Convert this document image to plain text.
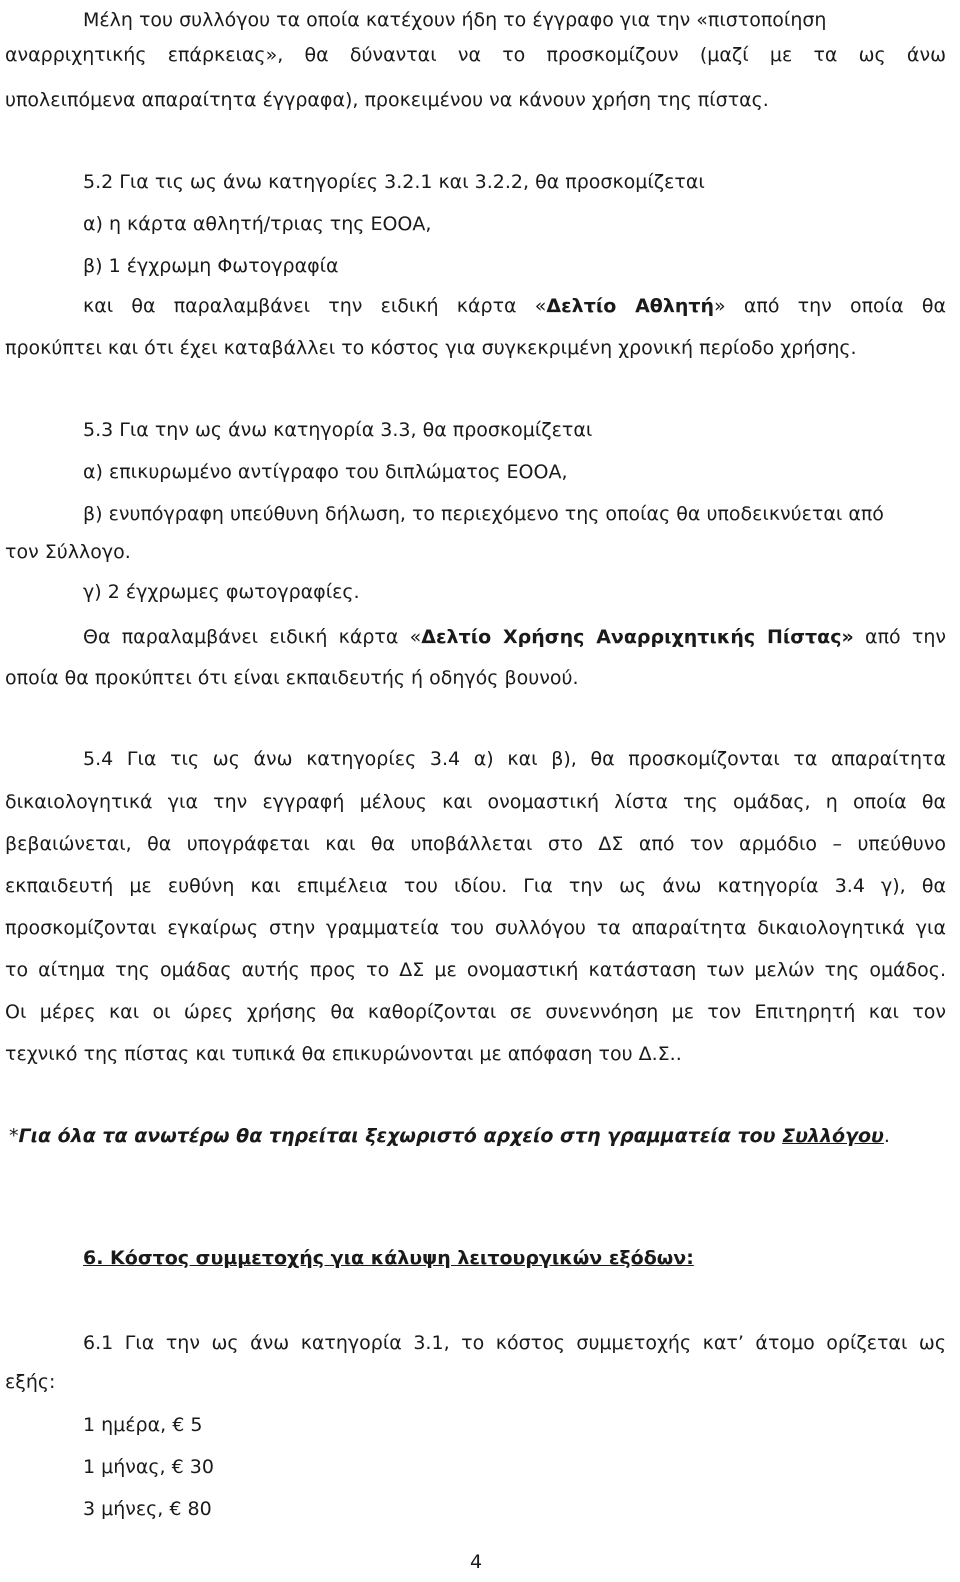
Μέλη του συλλόγου τα οποία κατέχουν ήδη το έγγραφο για την «πιστοποίηση
αναρριχητικής επάρκειας», θα δύνανται να το προσκομίζουν (μαζί με τα ως άνω
υπολειπόμενα απαραίτητα έγγραφα), προκειμένου να κάνουν χρήση της πίστας.
5.2 Για τις ως άνω κατηγορίες 3.2.1 και 3.2.2, θα προσκομίζεται
α) η κάρτα αθλητή/τριας της ΕΟΟΑ,
β) 1 έγχρωμη Φωτογραφία
και θα παραλαμβάνει την ειδική κάρτα «Δελτίο Αθλητή» από την οποία θα
προκύπτει και ότι έχει καταβάλλει το κόστος για συγκεκριμένη χρονική περίοδο χρήσης.
5.3 Για την ως άνω κατηγορία 3.3, θα προσκομίζεται
α) επικυρωμένο αντίγραφο του διπλώματος ΕΟΟΑ,
β) ενυπόγραφη υπεύθυνη δήλωση, το περιεχόμενο της οποίας θα υποδεικνύεται από
τον Σύλλογο.
γ) 2 έγχρωμες φωτογραφίες.
Θα παραλαμβάνει ειδική κάρτα «Δελτίο Χρήσης Αναρριχητικής Πίστας» από την
οποία θα προκύπτει ότι είναι εκπαιδευτής ή οδηγός βουνού.
5.4 Για τις ως άνω κατηγορίες 3.4 α) και β), θα προσκομίζονται τα απαραίτητα
δικαιολογητικά για την εγγραφή μέλους και ονομαστική λίστα της ομάδας, η οποία θα
βεβαιώνεται, θα υπογράφεται και θα υποβάλλεται στο ΔΣ από τον αρμόδιο – υπεύθυνο
εκπαιδευτή με ευθύνη και επιμέλεια του ιδίου. Για την ως άνω κατηγορία 3.4 γ), θα
προσκομίζονται εγκαίρως στην γραμματεία του συλλόγου τα απαραίτητα δικαιολογητικά για
το αίτημα της ομάδας αυτής προς το ΔΣ με ονομαστική κατάσταση των μελών της ομάδος.
Οι μέρες και οι ώρες χρήσης θα καθορίζονται σε συνεννόηση με τον Επιτηρητή και τον
τεχνικό της πίστας και τυπικά θα επικυρώνονται με απόφαση του Δ.Σ..
*Για όλα τα ανωτέρω θα τηρείται ξεχωριστό αρχείο στη γραμματεία του Συλλόγου.
6. Κόστος συμμετοχής για κάλυψη λειτουργικών εξόδων:
6.1 Για την ως άνω κατηγορία 3.1, το κόστος συμμετοχής κατ’ άτομο ορίζεται ως
εξής:
1 ημέρα, € 5
1 μήνας, € 30
3 μήνες, € 80
4
